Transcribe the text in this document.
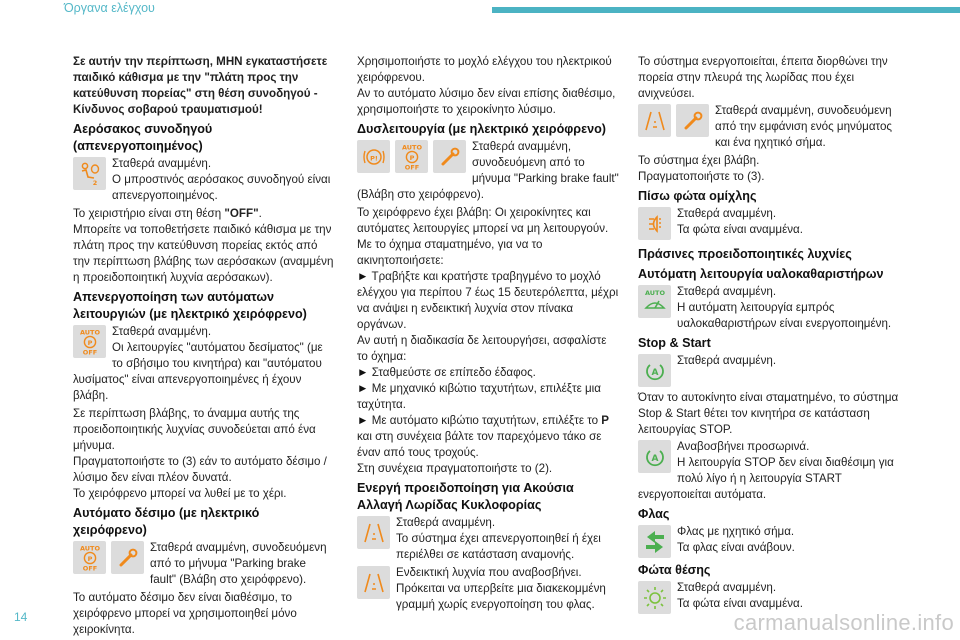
Όργανα ελέγχου

Σε αυτήν την περίπτωση, ΜΗΝ εγκαταστήσετε παιδικό κάθισμα με την "πλάτη προς την κατεύθυνση πορείας" στη θέση συνοδηγού - Κίνδυνος σοβαρού τραυματισμού!

Αερόσακος συνοδηγού (απενεργοποιημένος)
2
Σταθερά αναμμένη.
Ο μπροστινός αερόσακος συνοδηγού είναι απενεργοποιημένος.

Το χειριστήριο είναι στη θέση "OFF".

Μπορείτε να τοποθετήσετε παιδικό κάθισμα με την πλάτη προς την κατεύθυνση πορείας εκτός από την περίπτωση βλάβης των αερόσακων (αναμμένη η προειδοποιητική λυχνία αερόσακων).

Απενεργοποίηση των αυτόματων λειτουργιών (με ηλεκτρικό χειρόφρενο)
AUTO
P
OFF
Σταθερά αναμμένη.
Οι λειτουργίες "αυτόματου δεσίματος" (με το σβήσιμο του κινητήρα) και "αυτόματου λυσίματος" είναι απενεργοποιημένες ή έχουν βλάβη.

Σε περίπτωση βλάβης, το άναμμα αυτής της προειδοποιητικής λυχνίας συνοδεύεται από ένα μήνυμα.

Πραγματοποιήστε το (3) εάν το αυτόματο δέσιμο / λύσιμο δεν είναι πλέον δυνατά.

Το χειρόφρενο μπορεί να λυθεί με το χέρι.

Αυτόματο δέσιμο (με ηλεκτρικό χειρόφρενο)
AUTO
P
OFF
Σταθερά αναμμένη, συνοδευόμενη από το μήνυμα "Parking brake fault" (Βλάβη στο χειρόφρενο).

Το αυτόματο δέσιμο δεν είναι διαθέσιμο, το χειρόφρενο μπορεί να χρησιμοποιηθεί μόνο χειροκίνητα.

Χρησιμοποιήστε το μοχλό ελέγχου του ηλεκτρικού χειρόφρενου.

Αν το αυτόματο λύσιμο δεν είναι επίσης διαθέσιμο, χρησιμοποιήστε το χειροκίνητο λύσιμο.

Δυσλειτουργία (με ηλεκτρικό χειρόφρενο)
P!
AUTO
P
OFF
Σταθερά αναμμένη, συνοδευόμενη από το μήνυμα "Parking brake fault" (Βλάβη στο χειρόφρενο).

Το χειρόφρενο έχει βλάβη: Οι χειροκίνητες και αυτόματες λειτουργίες μπορεί να μη λειτουργούν.

Με το όχημα σταματημένο, για να το ακινητοποιήσετε:

► Τραβήξτε και κρατήστε τραβηγμένο το μοχλό ελέγχου για περίπου 7 έως 15 δευτερόλεπτα, μέχρι να ανάψει η ενδεικτική λυχνία στον πίνακα οργάνων.

Αν αυτή η διαδικασία δε λειτουργήσει, ασφαλίστε το όχημα:

► Σταθμεύστε σε επίπεδο έδαφος.

► Με μηχανικό κιβώτιο ταχυτήτων, επιλέξτε μια ταχύτητα.

► Με αυτόματο κιβώτιο ταχυτήτων, επιλέξτε το P και στη συνέχεια βάλτε τον παρεχόμενο τάκο σε έναν από τους τροχούς.

Στη συνέχεια πραγματοποιήστε το (2).

Ενεργή προειδοποίηση για Ακούσια Αλλαγή Λωρίδας Κυκλοφορίας
Σταθερά αναμμένη.
Το σύστημα έχει απενεργοποιηθεί ή έχει περιέλθει σε κατάσταση αναμονής.
Ενδεικτική λυχνία που αναβοσβήνει.
Πρόκειται να υπερβείτε μια διακεκομμένη γραμμή χωρίς ενεργοποίηση του φλας.

Το σύστημα ενεργοποιείται, έπειτα διορθώνει την πορεία στην πλευρά της λωρίδας που έχει ανιχνεύσει.

Σταθερά αναμμένη, συνοδευόμενη από την εμφάνιση ενός μηνύματος και ένα ηχητικό σήμα.

Το σύστημα έχει βλάβη.

Πραγματοποιήστε το (3).

Πίσω φώτα ομίχλης
Σταθερά αναμμένη.
Τα φώτα είναι αναμμένα.
Πράσινες προειδοποιητικές λυχνίες
Αυτόματη λειτουργία υαλοκαθαριστήρων
AUTO	Σταθερά αναμμένη.
Η αυτόματη λειτουργία εμπρός υαλοκαθαριστήρων είναι ενεργοποιημένη.
Stop & Start
A
Σταθερά αναμμένη.

Όταν το αυτοκίνητο είναι σταματημένο, το σύστημα Stop & Start θέτει τον κινητήρα σε κατάσταση λειτουργίας STOP.

A
Αναβοσβήνει προσωρινά.
Η λειτουργία STOP δεν είναι διαθέσιμη για πολύ λίγο ή η λειτουργία START ενεργοποιείται αυτόματα.
Φλας
Φλας με ηχητικό σήμα.
Τα φλας είναι ανάβουν.
Φώτα θέσης
Σταθερά αναμμένη.
Τα φώτα είναι αναμμένα.
14	carmanualsonline.info
